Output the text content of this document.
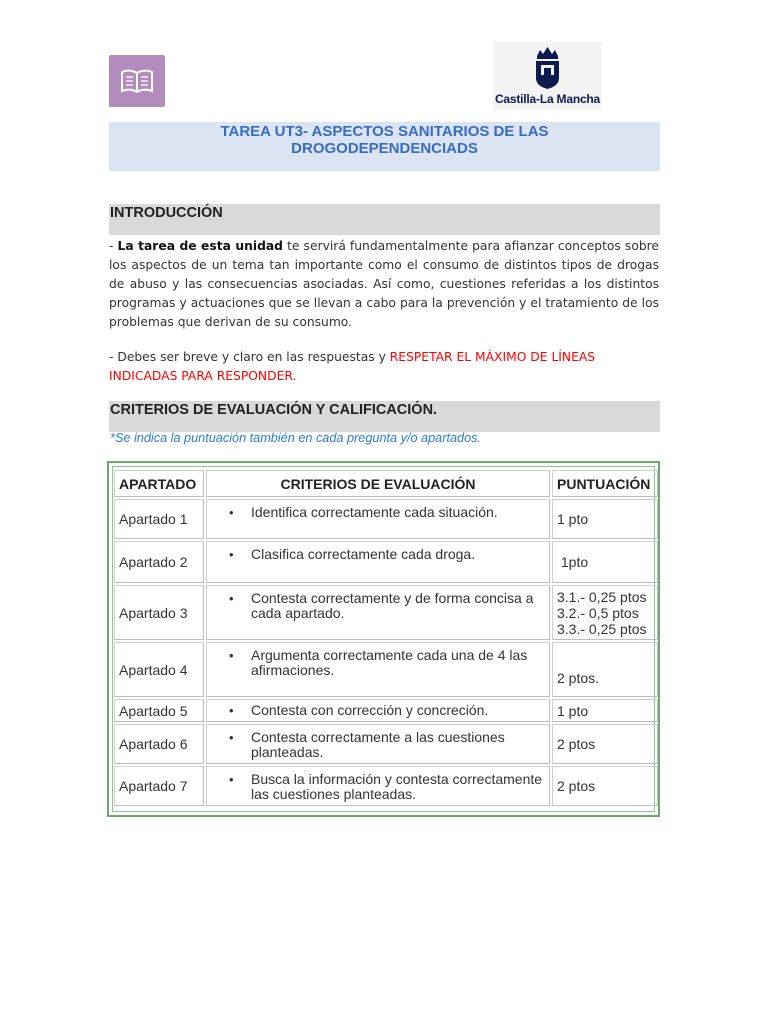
Castilla-La Mancha
TAREA UT3- ASPECTOS SANITARIOS DE LAS
DROGODEPENDENCIADS
INTRODUCCIÓN
- La tarea de esta unidad te servirá fundamentalmente para afianzar conceptos sobre los aspectos de un tema tan importante como el consumo de distintos tipos de drogas de abuso y las consecuencias asociadas. Así como, cuestiones referidas a los distintos programas y actuaciones que se llevan a cabo para la prevención y el tratamiento de los problemas que derivan de su consumo.
- Debes ser breve y claro en las respuestas y RESPETAR EL MÁXIMO DE LÍNEAS INDICADAS PARA RESPONDER.
CRITERIOS DE EVALUACIÓN Y CALIFICACIÓN.
*Se indica la puntuación también en cada pregunta y/o apartados.
APARTADO	CRITERIOS DE EVALUACIÓN	PUNTUACIÓN
Apartado 1	• Identifica correctamente cada situación.	1 pto

Apartado 2	• Clasifica correctamente cada droga.	1pto

Apartado 3	• Contesta correctamente y de forma concisa a cada apartado.	3.1.- 0,25 ptos
3.2.- 0,5 ptos
3.3.- 0,25 ptos

Apartado 4	• Argumenta correctamente cada una de 4 las afirmaciones.	2 ptos.

Apartado 5	• Contesta con corrección y concreción.	1 pto

Apartado 6	• Contesta correctamente a las cuestiones planteadas.	2 ptos

Apartado 7	• Busca la información y contesta correctamente las cuestiones planteadas.	2 ptos
